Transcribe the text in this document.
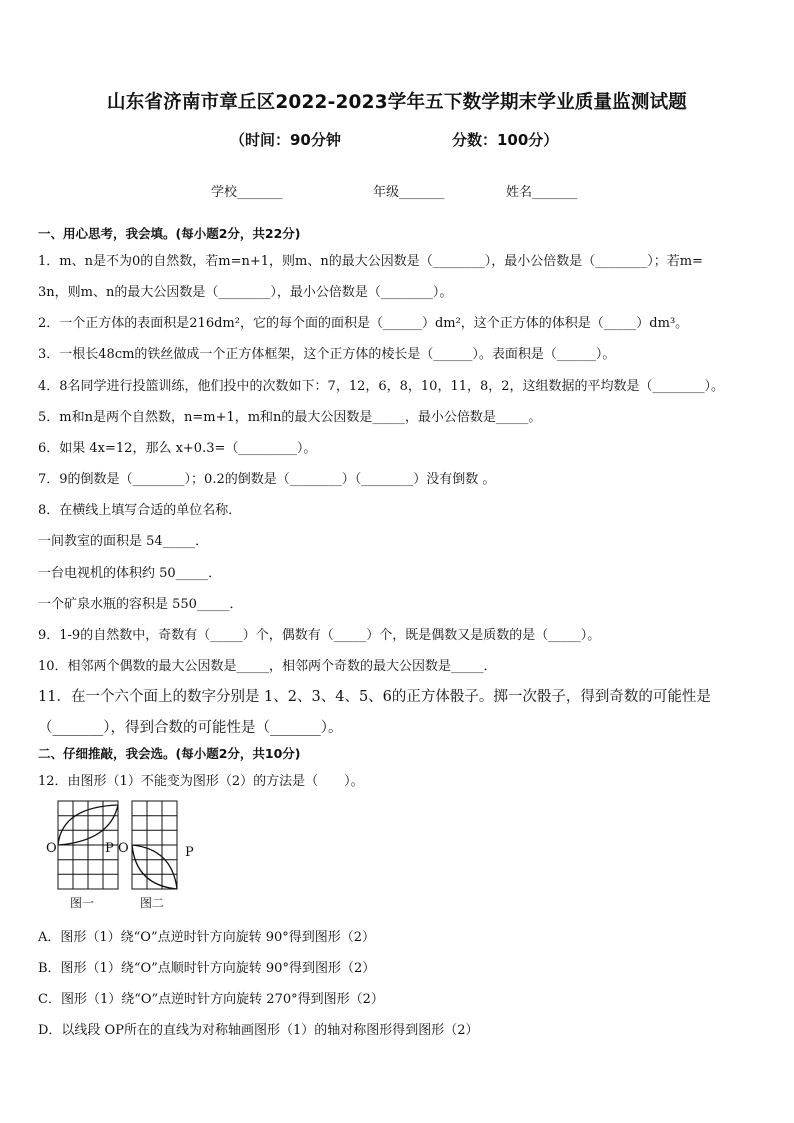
山东省济南市章丘区2022-2023学年五下数学期末学业质量监测试题
（时间：90分钟	分数：100分）
学校_______	年级_______	姓名_______
一、用心思考，我会填。(每小题2分，共22分)
1．m、n是不为0的自然数，若m=n+1，则m、n的最大公因数是（________），最小公倍数是（________）；若m=
3n，则m、n的最大公因数是（________），最小公倍数是（________）。
2．一个正方体的表面积是216dm²，它的每个面的面积是（______）dm²，这个正方体的体积是（_____）dm³。
3．一根长48cm的铁丝做成一个正方体框架，这个正方体的棱长是（______）。表面积是（______）。
4．8名同学进行投篮训练，他们投中的次数如下：7，12，6，8，10，11，8，2，这组数据的平均数是（________）。
5．m和n是两个自然数，n=m+1，m和n的最大公因数是_____，最小公倍数是_____。
6．如果 4x=12，那么 x+0.3=（_________）。
7．9的倒数是（________）；0.2的倒数是（________）（________）没有倒数 。
8．在横线上填写合适的单位名称．
一间教室的面积是 54_____．
一台电视机的体积约 50_____．
一个矿泉水瓶的容积是 550_____．
9．1-9的自然数中，奇数有（_____）个，偶数有（_____）个，既是偶数又是质数的是（_____）。
10．相邻两个偶数的最大公因数是_____，相邻两个奇数的最大公因数是_____．
11．在一个六个面上的数字分别是 1、2、3、4、5、6的正方体骰子。掷一次骰子，得到奇数的可能性是
（_______），得到合数的可能性是（_______）。
二、仔细推敲，我会选。(每小题2分，共10分)
12．由图形（1）不能变为图形（2）的方法是（　　）。
O	P O	P
图一	图二
A．图形（1）绕“O”点逆时针方向旋转 90°得到图形（2）
B．图形（1）绕“O”点顺时针方向旋转 90°得到图形（2）
C．图形（1）绕“O”点逆时针方向旋转 270°得到图形（2）
D．以线段 OP所在的直线为对称轴画图形（1）的轴对称图形得到图形（2）
